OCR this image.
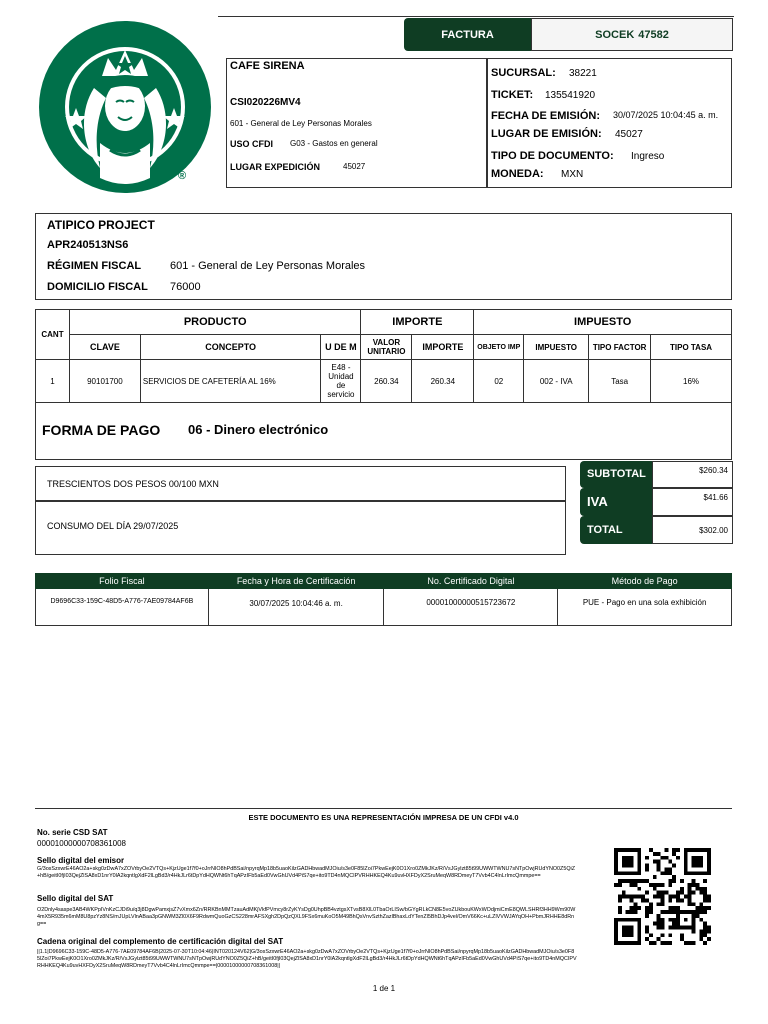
®
FACTURA	SOCEK 47582
CAFE SIRENA
CSI020226MV4
601 - General de Ley Personas Morales
USO CFDI G03 - Gastos en general
LUGAR EXPEDICIÓN	45027
SUCURSAL: 38221
TICKET: 135541920
FECHA DE EMISIÓN: 30/07/2025 10:04:45 a. m.
LUGAR DE EMISIÓN: 45027
TIPO DE DOCUMENTO: Ingreso
MONEDA: MXN
ATIPICO PROJECT
APR240513NS6
RÉGIMEN FISCAL	601 - General de Ley Personas Morales
DOMICILIO FISCAL 76000
CANT	PRODUCTO			IMPORTE		IMPUESTO			
	CLAVE	CONCEPTO	U DE M	VALOR UNITARIO	IMPORTE	OBJETO IMP	IMPUESTO	TIPO FACTOR	TIPO TASA
1	90101700	SERVICIOS DE CAFETERÍA AL 16%	E48 - Unidad de servicio	260.34	260.34	02	002 - IVA	Tasa	16%
FORMA DE PAGO 06 - Dinero electrónico
TRESCIENTOS DOS PESOS 00/100 MXN
CONSUMO DEL DÍA 29/07/2025
SUBTOTAL	$260.34
IVA	$41.66
TOTAL	$302.00
Folio Fiscal	Fecha y Hora de Certificación	No. Certificado Digital	Método de Pago
D9696C33-159C-48D5-A776-7AE09784AF6B	30/07/2025 10:04:46 a. m.	00001000000515723672	PUE - Pago en una sola exhibición
ESTE DOCUMENTO ES UNA REPRESENTACIÓN IMPRESA DE UN CFDI v4.0
No. serie CSD SAT
00001000000708361008
Sello digital del emisor
G/3osSzxwrE46AO2a+skg0zDwA7xZOVrbyOe2VTQs+KjzUge1f7f0+oJrrNIO8hPdBSai/npyrqMp18b5uaoKilzGADHbwadMJOiu/s3e0F85lZoi7PkwEejK0O1Xro0ZMkJKz/R/VsJGylzt85t99UWWTWNU7sNTpOwjRUdYNO0Z5QiZ+hB/geitI0fjI03QejZlSA8xD1nrY0lA2kqntlgXdF2lLgBd3/r4HkJLr6tDpYdHQWNt6hTqAPzIFb5aEd0VwGhUVd4PiS7qe+ito9TD4nMQCIPVRHHKEQ4Ku9uvHXFDyX2SruMeqW8RDmeyT7Vvb4C4lnLrImcQmmpe==
Sello digital del SAT
O2Dnly4saspe3AB4WKPpIVnKzCJDi9u/q3j8DgwPamxjsZ7vXmx6Zn/RRKBnMMTzauAdMKjVkfPVmcy8rZyKYsDg0UhpBB4vztgsXTvsB8XlL0TbaOrLISw/bGYgRLkCN8E5voZUkbouKWxWOdjmiCmE8QWLSHRf3HH9Wm90W4mX5R935m6mM8U8pzYz8NS/mJUpLVlnABaa3pGNWM3Zl0X6F9RdwmQuoGzCS228mrAFSXgh2DpQzQXL9FSx6muKoO5M49BhQsVnvSzthZazlBhaxLdYTenZl5BhDJp4vel/OmV66Kc+uLZlVVWJAYqOH+PbmJRHHE8dRng==
Cadena original del complemento de certificación digital del SAT
||1.1|D9696C33-159C-48D5-A776-7AE09784AF6B|2025-07-30T10:04:46|INT020124V62|G/3osSzxwrE46AO2a+skg0zDwA7xZOVrbyOe2VTQs+KjzUge1f7f0+oJrrNIO8hPdBSai/npyrqMp18b5uaoKilzGADHbwadMJOiu/s3e0F85lZoi7PkwEejK0O1Xro0ZMkJKz/R/VsJGylzt85t99UWWTWNU7sNTpOwjRUdYNO0Z5QiZ+hB/geitI0fjI03QejZlSA8xD1nrY0lA2kqntlgXdF2lLgBd3/r4HkJLr6tDpYdHQWNt6hTqAPzIFb5aEd0VwGhUVd4PiS7qe+ito9TD4nMQCIPVRHHKEQ4Ku9uvHXFDyX2SruMeqW8RDmeyT7Vvb4C4lnLrImcQmmpe==|00001000000708361008||
1 de 1
